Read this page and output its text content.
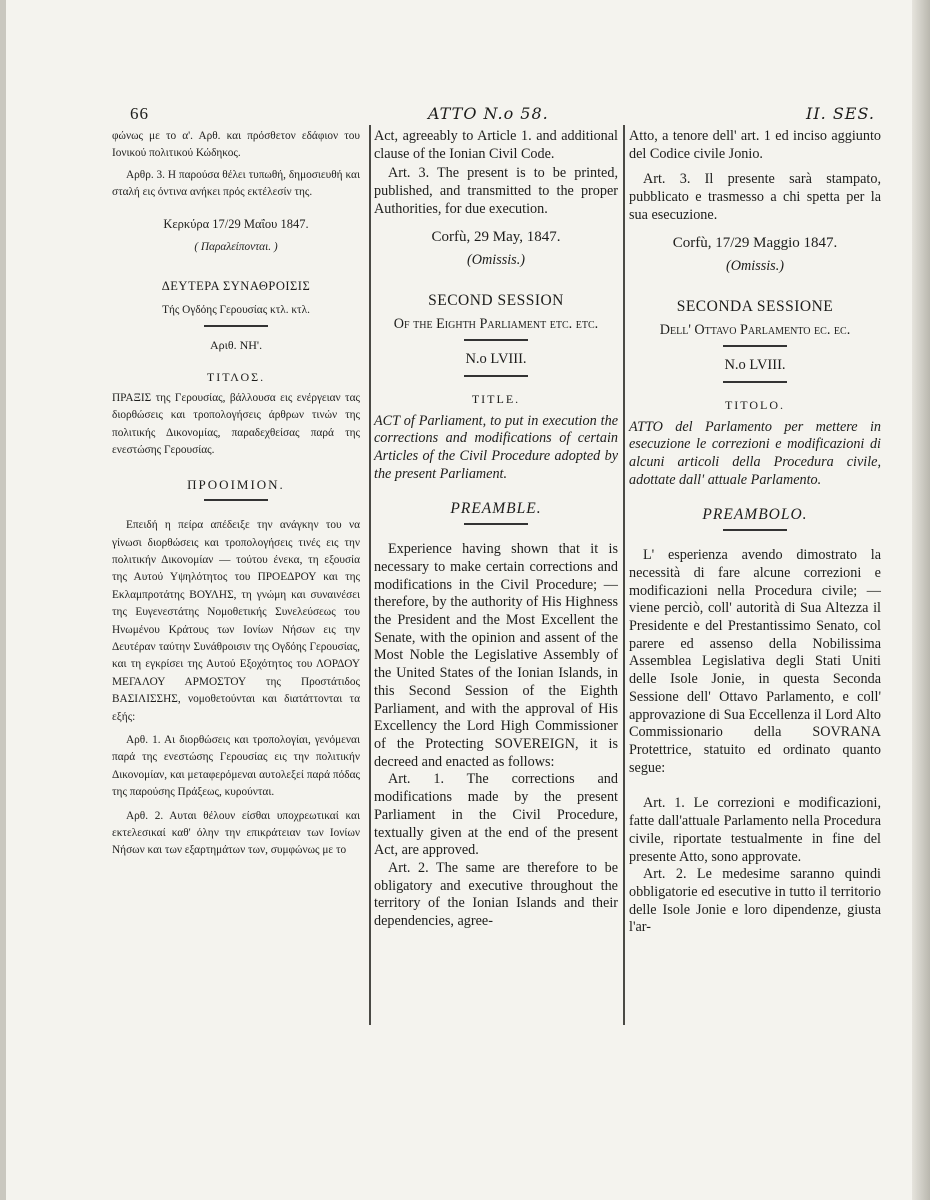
66	ATTO N.o 58.	II. SES.

φώνως με το α'. Αρθ. και πρόσθετον εδάφιον του Ιονικού πολιτικού Κώδηκος.

Αρθρ. 3. Η παρούσα θέλει τυπωθή, δημοσιευθή και σταλή εις όντινα ανήκει πρός εκτέλεσίν της.

Κερκύρα 17/29 Μαΐου 1847.
( Παραλείπονται. )
ΔΕΥΤΕΡΑ ΣΥΝΑΘΡΟΙΣΙΣ
Τής Ογδόης Γερουσίας κτλ. κτλ.
Αριθ. ΝΗ'.
ΤΙΤΛΟΣ.

ΠΡΑΞΙΣ της Γερουσίας, βάλλουσα εις ενέργειαν τας διορθώσεις και τροπολογήσεις άρθρων τινών της πολιτικής Δικονομίας, παραδεχθείσας παρά της ενεστώσης Γερουσίας.

ΠΡΟΟΙΜΙΟΝ.

Επειδή η πείρα απέδειξε την ανάγκην του να γίνωσι διορθώσεις και τροπολογήσεις τινές εις την πολιτικήν Δικονομίαν — τούτου ένεκα, τη εξουσία της Αυτού Υψηλότητος του ΠΡΟΕΔΡΟΥ και της Εκλαμπροτάτης ΒΟΥΛΗΣ, τη γνώμη και συναινέσει της Ευγενεστάτης Νομοθετικής Συνελεύσεως του Ηνωμένου Κράτους των Ιονίων Νήσων εις την Δευτέραν ταύτην Συνάθροισιν της Ογδόης Γερουσίας, και τη εγκρίσει της Αυτού Εξοχότητος του ΛΟΡΔΟΥ ΜΕΓΑΛΟΥ ΑΡΜΟΣΤΟΥ της Προστάτιδος ΒΑΣΙΛΙΣΣΗΣ, νομοθετούνται και διατάττονται τα εξής:

Αρθ. 1. Αι διορθώσεις και τροπολογίαι, γενόμεναι παρά της ενεστώσης Γερουσίας εις την πολιτικήν Δικονομίαν, και μεταφερόμεναι αυτολεξεί παρά πόδας της παρούσης Πράξεως, κυρούνται.

Αρθ. 2. Αυται θέλουν είσθαι υποχρεωτικαί και εκτελεσικαί καθ' όλην την επικράτειαν των Ιονίων Νήσων και των εξαρτημάτων των, συμφώνως με το

Act, agreeably to Article 1. and additional clause of the Ionian Civil Code.

Art. 3. The present is to be printed, published, and transmitted to the proper Authorities, for due execution.

Corfù, 29 May, 1847.
(Omissis.)
SECOND SESSION
Of the Eighth Parliament etc. etc.
N.o LVIII.
TITLE.

ACT of Parliament, to put in execution the corrections and modifications of certain Articles of the Civil Procedure adopted by the present Parliament.

PREAMBLE.

Experience having shown that it is necessary to make certain corrections and modifications in the Civil Procedure; — therefore, by the authority of His Highness the President and the Most Excellent the Senate, with the opinion and assent of the Most Noble the Legislative Assembly of the United States of the Ionian Islands, in this Second Session of the Eighth Parliament, and with the approval of His Excellency the Lord High Commissioner of the Protecting SOVEREIGN, it is decreed and enacted as follows:

Art. 1. The corrections and modifications made by the present Parliament in the Civil Procedure, textually given at the end of the present Act, are approved.

Art. 2. The same are therefore to be obligatory and executive throughout the territory of the Ionian Islands and their dependencies, agree-

Atto, a tenore dell' art. 1 ed inciso aggiunto del Codice civile Jonio.

Art. 3. Il presente sarà stampato, pubblicato e trasmesso a chi spetta per la sua esecuzione.

Corfù, 17/29 Maggio 1847.
(Omissis.)
SECONDA SESSIONE
Dell' Ottavo Parlamento ec. ec.
N.o LVIII.
TITOLO.

ATTO del Parlamento per mettere in esecuzione le correzioni e modificazioni di alcuni articoli della Procedura civile, adottate dall' attuale Parlamento.

PREAMBOLO.

L' esperienza avendo dimostrato la necessità di fare alcune correzioni e modificazioni nella Procedura civile; — viene perciò, coll' autorità di Sua Altezza il Presidente e del Prestantissimo Senato, col parere ed assenso della Nobilissima Assemblea Legislativa degli Stati Uniti delle Isole Jonie, in questa Seconda Sessione dell' Ottavo Parlamento, e coll' approvazione di Sua Eccellenza il Lord Alto Commissionario della SOVRANA Protettrice, statuito ed ordinato quanto segue:

Art. 1. Le correzioni e modificazioni, fatte dall'attuale Parlamento nella Procedura civile, riportate testualmente in fine del presente Atto, sono approvate.

Art. 2. Le medesime saranno quindi obbligatorie ed esecutive in tutto il territorio delle Isole Jonie e loro dipendenze, giusta l'ar-
